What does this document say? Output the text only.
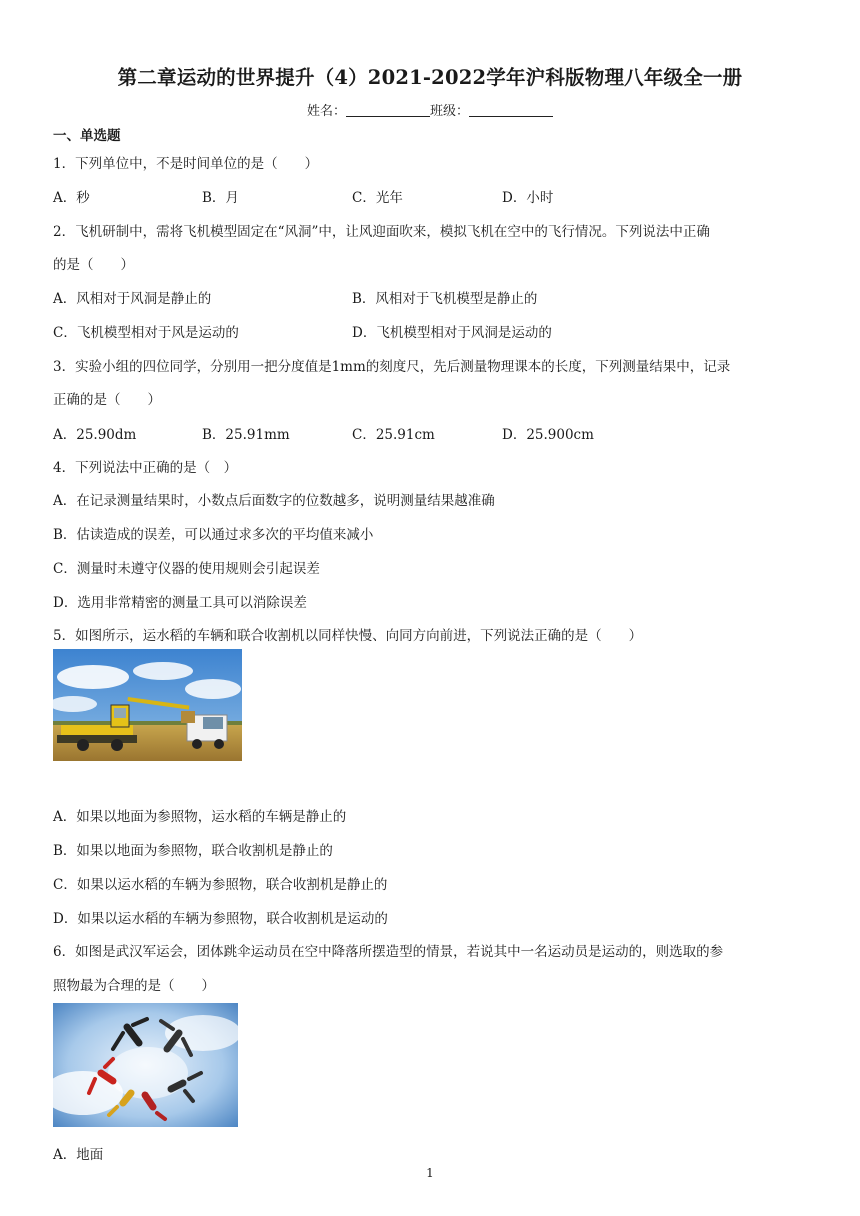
第二章运动的世界提升（4）2021-2022学年沪科版物理八年级全一册
姓名：	班级：
一、单选题
1．下列单位中，不是时间单位的是（　　）
A．秒	B．月	C．光年	D．小时
2．飞机研制中，需将飞机模型固定在“风洞”中，让风迎面吹来，模拟飞机在空中的飞行情况。下列说法中正确
的是（　　）
A．风相对于风洞是静止的	B．风相对于飞机模型是静止的
C．飞机模型相对于风是运动的	D．飞机模型相对于风洞是运动的
3．实验小组的四位同学，分别用一把分度值是1mm的刻度尺，先后测量物理课本的长度，下列测量结果中，记录
正确的是（　　）
A．25.90dm	B．25.91mm	C．25.91cm	D．25.900cm
4．下列说法中正确的是（　）
A．在记录测量结果时，小数点后面数字的位数越多，说明测量结果越准确
B．估读造成的误差，可以通过求多次的平均值来减小
C．测量时未遵守仪器的使用规则会引起误差
D．选用非常精密的测量工具可以消除误差
5．如图所示，运水稻的车辆和联合收割机以同样快慢、向同方向前进，下列说法正确的是（　　）
A．如果以地面为参照物，运水稻的车辆是静止的
B．如果以地面为参照物，联合收割机是静止的
C．如果以运水稻的车辆为参照物，联合收割机是静止的
D．如果以运水稻的车辆为参照物，联合收割机是运动的
6．如图是武汉军运会，团体跳伞运动员在空中降落所摆造型的情景，若说其中一名运动员是运动的，则选取的参
照物最为合理的是（　　）
A．地面
1
